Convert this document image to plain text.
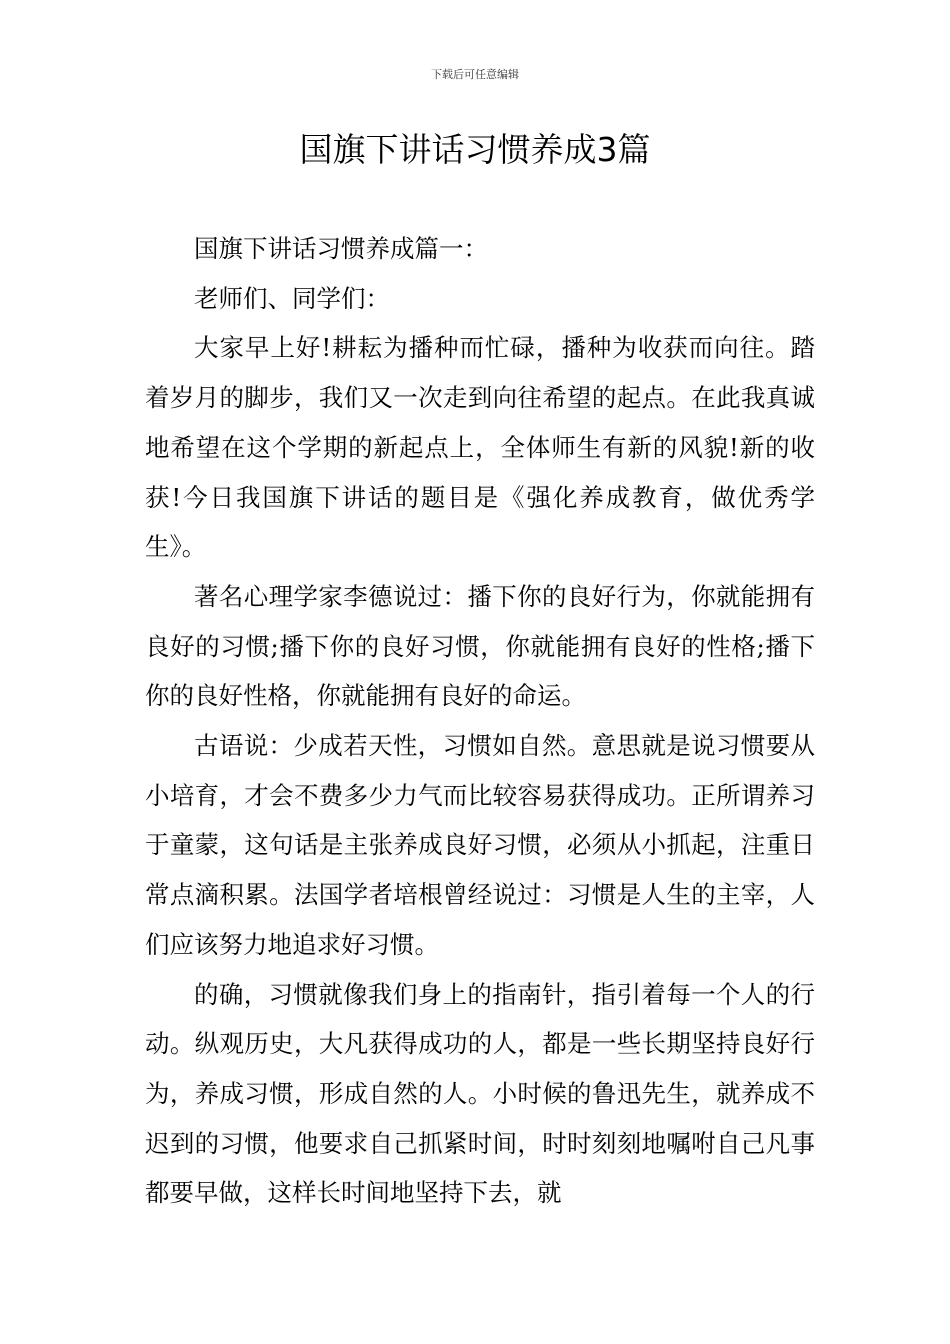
下载后可任意编辑
国旗下讲话习惯养成3篇

国旗下讲话习惯养成篇一：

老师们、同学们：

大家早上好!耕耘为播种而忙碌，播种为收获而向往。踏着岁月的脚步，我们又一次走到向往希望的起点。在此我真诚地希望在这个学期的新起点上，全体师生有新的风貌!新的收获!今日我国旗下讲话的题目是《强化养成教育，做优秀学生》。

著名心理学家李德说过：播下你的良好行为，你就能拥有良好的习惯;播下你的良好习惯，你就能拥有良好的性格;播下你的良好性格，你就能拥有良好的命运。

古语说：少成若天性，习惯如自然。意思就是说习惯要从小培育，才会不费多少力气而比较容易获得成功。正所谓养习于童蒙，这句话是主张养成良好习惯，必须从小抓起，注重日常点滴积累。法国学者培根曾经说过：习惯是人生的主宰，人们应该努力地追求好习惯。

的确，习惯就像我们身上的指南针，指引着每一个人的行动。纵观历史，大凡获得成功的人，都是一些长期坚持良好行为，养成习惯，形成自然的人。小时候的鲁迅先生，就养成不迟到的习惯，他要求自己抓紧时间，时时刻刻地嘱咐自己凡事都要早做，这样长时间地坚持下去，就
